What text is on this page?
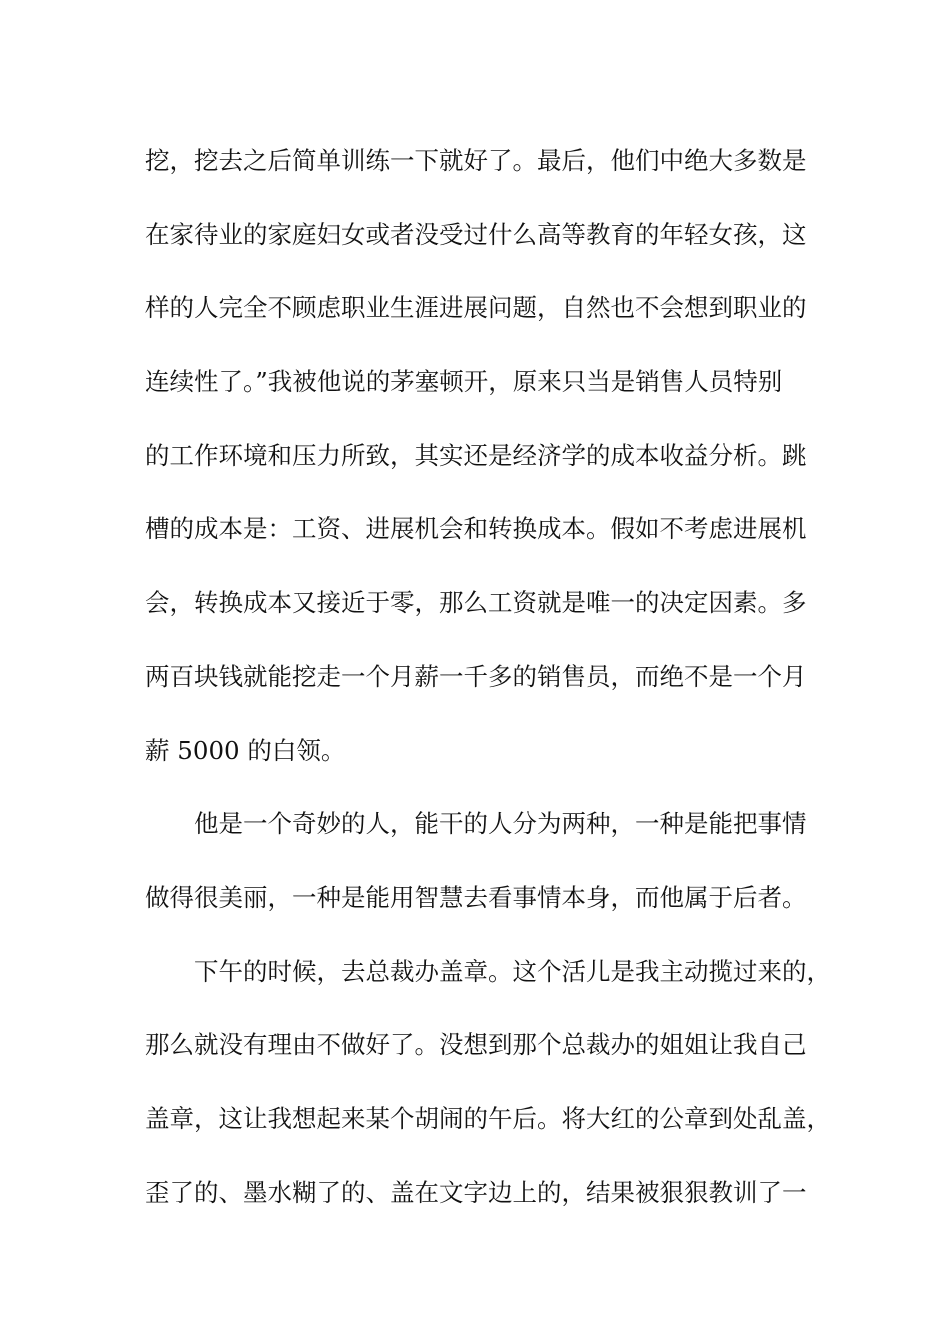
挖，挖去之后简单训练一下就好了。最后，他们中绝大多数是
在家待业的家庭妇女或者没受过什么高等教育的年轻女孩，这
样的人完全不顾虑职业生涯进展问题，自然也不会想到职业的
连续性了。”我被他说的茅塞顿开，原来只当是销售人员特别
的工作环境和压力所致，其实还是经济学的成本收益分析。跳
槽的成本是：工资、进展机会和转换成本。假如不考虑进展机
会，转换成本又接近于零，那么工资就是唯一的决定因素。多
两百块钱就能挖走一个月薪一千多的销售员，而绝不是一个月
薪 5000 的白领。
他是一个奇妙的人，能干的人分为两种，一种是能把事情
做得很美丽，一种是能用智慧去看事情本身，而他属于后者。
下午的时候，去总裁办盖章。这个活儿是我主动揽过来的，
那么就没有理由不做好了。没想到那个总裁办的姐姐让我自己
盖章，这让我想起来某个胡闹的午后。将大红的公章到处乱盖，
歪了的、墨水糊了的、盖在文字边上的，结果被狠狠教训了一
